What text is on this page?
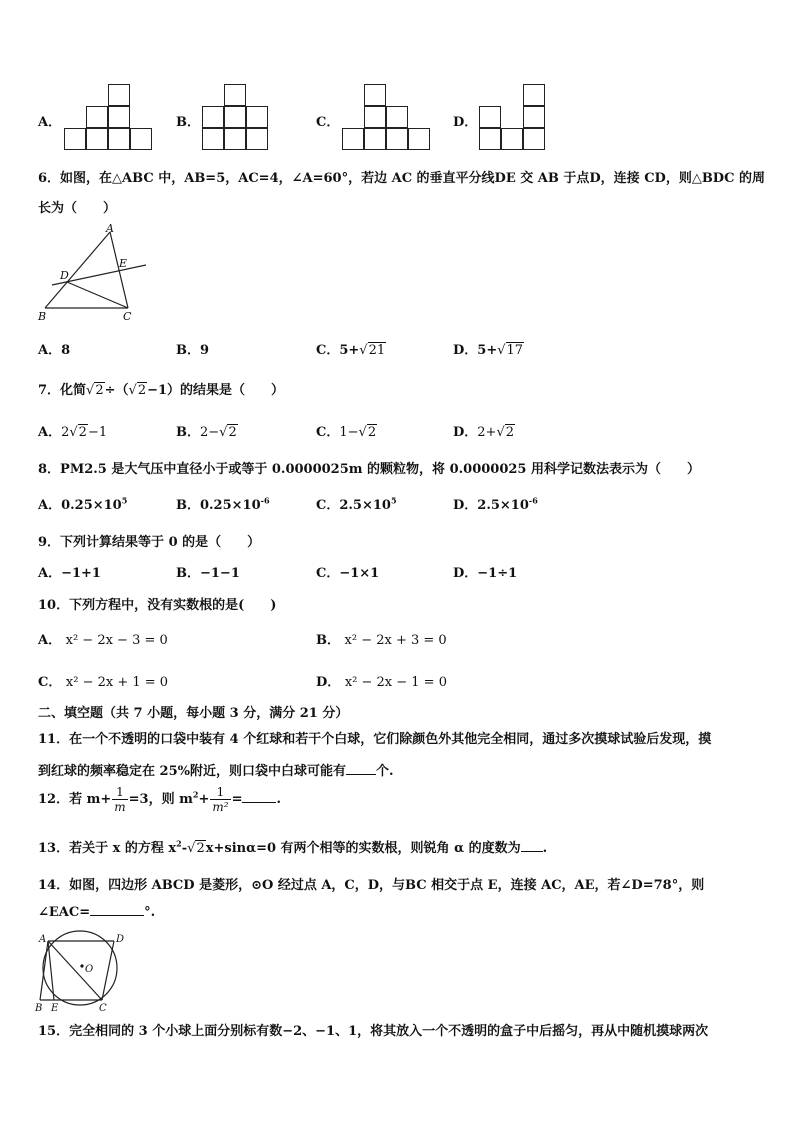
A．	B．	C．	D．
6．如图，在△ABC 中，AB=5，AC=4，∠A=60°，若边 AC 的垂直平分线DE 交 AB 于点D，连接 CD，则△BDC 的周
长为（　　）
A
E
D
B	C
A．8	B．9	C．5+√21	D．5+√17
7．化简√2÷（√2−1）的结果是（　　）
A．2√2−1	B．2−√2	C．1−√2	D．2+√2
8．PM2.5 是大气压中直径小于或等于 0.0000025m 的颗粒物，将 0.0000025 用科学记数法表示为（　　）
A．$0.25\times 10^5$	B．$0.25\times 10^{-6}$	C．$2.5\times 10^5$	D．$2.5\times 10^{-6}$
9．下列计算结果等于 0 的是（　　）
A．−1+1	B．−1−1	C．−1×1	D．−1÷1
10．下列方程中，没有实数根的是(　　)
A． x² − 2x − 3 = 0	B． x² − 2x + 3 = 0
C． x² − 2x + 1 = 0	D． x² − 2x − 1 = 0
二、填空题（共 7 小题，每小题 3 分，满分 21 分）
11．在一个不透明的口袋中装有 4 个红球和若干个白球，它们除颜色外其他完全相同，通过多次摸球试验后发现，摸
到红球的频率稳定在 25%附近，则口袋中白球可能有 个.
12．若 $m+ \frac{1}{m} =3$，则 $m^2+ \frac{1}{\text{m²}}$ =	.
13．若关于 x 的方程 $x^2-√2x+\sin\alpha=0$ 有两个相等的实数根，则锐角 α 的度数为 .
14．如图，四边形 ABCD 是菱形，⊙O 经过点 A，C，D，与BC 相交于点 E，连接 AC，AE，若∠D=78°，则
∠EAC=	°.
A	D
O
B E	C
15．完全相同的 3 个小球上面分别标有数−2、−1、1，将其放入一个不透明的盒子中后摇匀，再从中随机摸球两次
